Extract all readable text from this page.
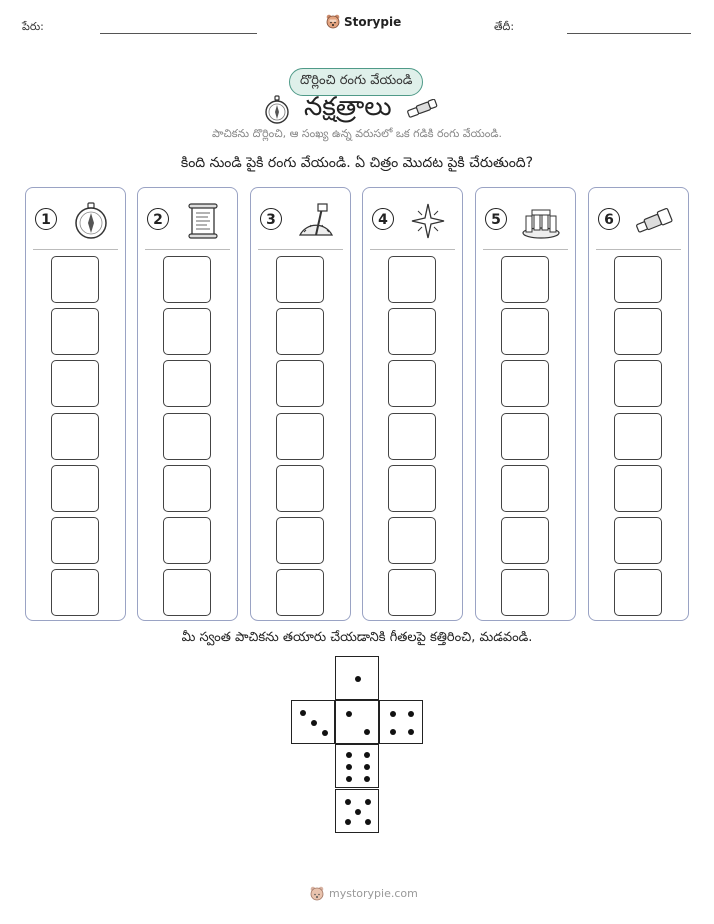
పేరు:	Storypie	తేదీ:
దొర్లించి రంగు వేయండి
నక్షత్రాలు
పాచికను దొర్లించి, ఆ సంఖ్య ఉన్న వరుసలో ఒక గడికి రంగు వేయండి.
కింది నుండి పైకి రంగు వేయండి. ఏ చిత్రం మొదట పైకి చేరుతుంది?
1	2	3	4	5	6
మీ స్వంత పాచికను తయారు చేయడానికి గీతలపై కత్తిరించి, మడవండి.
mystorypie.com
